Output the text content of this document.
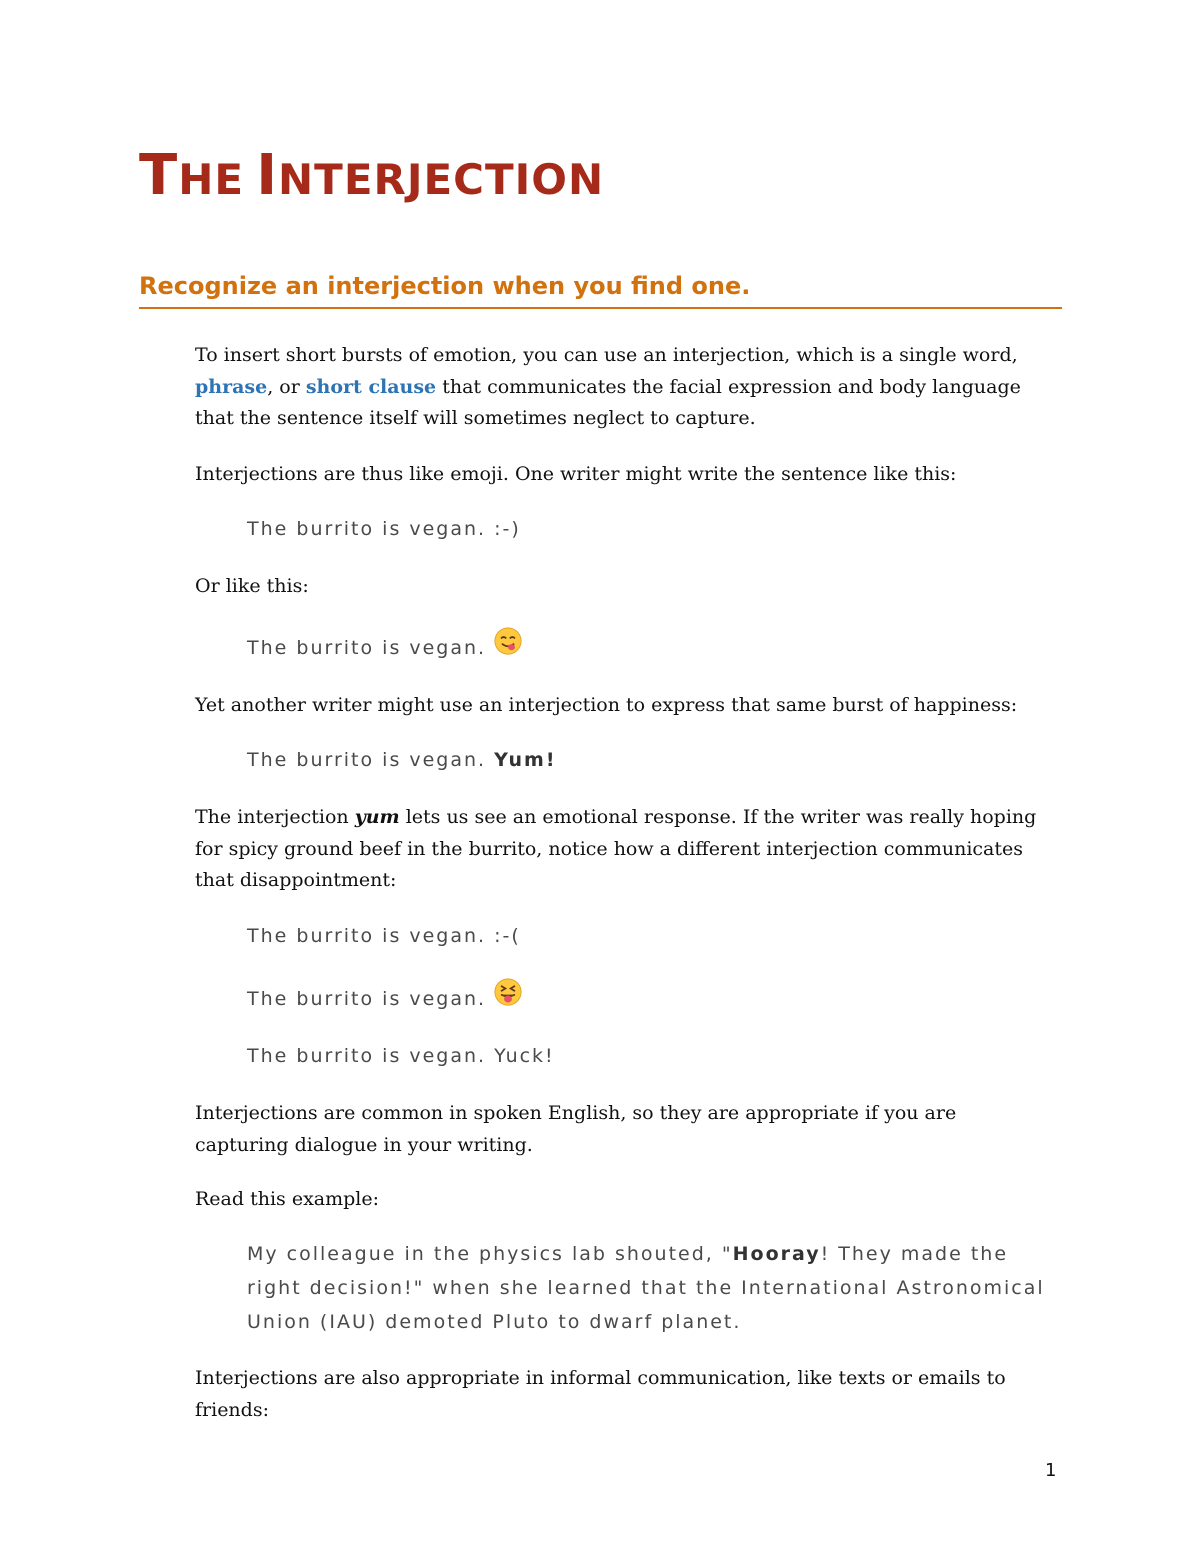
THE INTERJECTION
Recognize an interjection when you find one.

To insert short bursts of emotion, you can use an interjection, which is a single word, phrase, or short clause that communicates the facial expression and body language that the sentence itself will sometimes neglect to capture.

Interjections are thus like emoji. One writer might write the sentence like this:

The burrito is vegan. :-)

Or like this:

The burrito is vegan.

Yet another writer might use an interjection to express that same burst of happiness:

The burrito is vegan. Yum!

The interjection yum lets us see an emotional response. If the writer was really hoping for spicy ground beef in the burrito, notice how a different interjection communicates that disappointment:

The burrito is vegan. :-(
The burrito is vegan.
The burrito is vegan. Yuck!

Interjections are common in spoken English, so they are appropriate if you are capturing dialogue in your writing.

Read this example:

My colleague in the physics lab shouted, "Hooray! They made the right decision!" when she learned that the International Astronomical Union (IAU) demoted Pluto to dwarf planet.

Interjections are also appropriate in informal communication, like texts or emails to friends:

1
